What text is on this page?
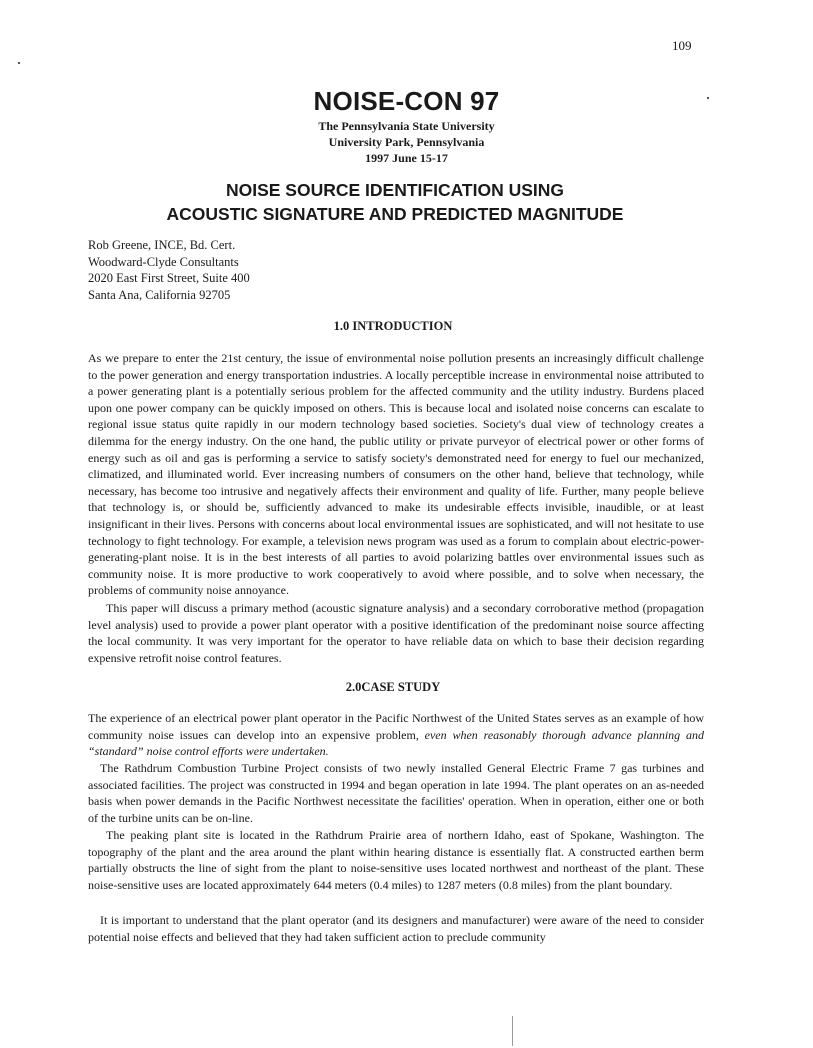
109
NOISE-CON 97
The Pennsylvania State University
University Park, Pennsylvania
1997 June 15-17
NOISE SOURCE IDENTIFICATION USING
ACOUSTIC SIGNATURE AND PREDICTED MAGNITUDE
Rob Greene, INCE, Bd. Cert.
Woodward-Clyde Consultants
2020 East First Street, Suite 400
Santa Ana, California 92705
1.0 INTRODUCTION
As we prepare to enter the 21st century, the issue of environmental noise pollution presents an increasingly difficult challenge to the power generation and energy transportation industries. A locally perceptible increase in environmental noise attributed to a power generating plant is a potentially serious problem for the affected community and the utility industry. Burdens placed upon one power company can be quickly imposed on others. This is because local and isolated noise concerns can escalate to regional issue status quite rapidly in our modern technology based societies. Society's dual view of technology creates a dilemma for the energy industry. On the one hand, the public utility or private purveyor of electrical power or other forms of energy such as oil and gas is performing a service to satisfy society's demonstrated need for energy to fuel our mechanized, climatized, and illuminated world. Ever increasing numbers of consumers on the other hand, believe that technology, while necessary, has become too intrusive and negatively affects their environment and quality of life. Further, many people believe that technology is, or should be, sufficiently advanced to make its undesirable effects invisible, inaudible, or at least insignificant in their lives. Persons with concerns about local environmental issues are sophisticated, and will not hesitate to use technology to fight technology. For example, a television news program was used as a forum to complain about electric-power-generating-plant noise. It is in the best interests of all parties to avoid polarizing battles over environmental issues such as community noise. It is more productive to work cooperatively to avoid where possible, and to solve when necessary, the problems of community noise annoyance.
This paper will discuss a primary method (acoustic signature analysis) and a secondary corroborative method (propagation level analysis) used to provide a power plant operator with a positive identification of the predominant noise source affecting the local community. It was very important for the operator to have reliable data on which to base their decision regarding expensive retrofit noise control features.
2.0CASE STUDY
The experience of an electrical power plant operator in the Pacific Northwest of the United States serves as an example of how community noise issues can develop into an expensive problem, even when reasonably thorough advance planning and “standard” noise control efforts were undertaken.
The Rathdrum Combustion Turbine Project consists of two newly installed General Electric Frame 7 gas turbines and associated facilities. The project was constructed in 1994 and began operation in late 1994. The plant operates on an as-needed basis when power demands in the Pacific Northwest necessitate the facilities' operation. When in operation, either one or both of the turbine units can be on-line.
The peaking plant site is located in the Rathdrum Prairie area of northern Idaho, east of Spokane, Washington. The topography of the plant and the area around the plant within hearing distance is essentially flat. A constructed earthen berm partially obstructs the line of sight from the plant to noise-sensitive uses located northwest and northeast of the plant. These noise-sensitive uses are located approximately 644 meters (0.4 miles) to 1287 meters (0.8 miles) from the plant boundary.
It is important to understand that the plant operator (and its designers and manufacturer) were aware of the need to consider potential noise effects and believed that they had taken sufficient action to preclude community
